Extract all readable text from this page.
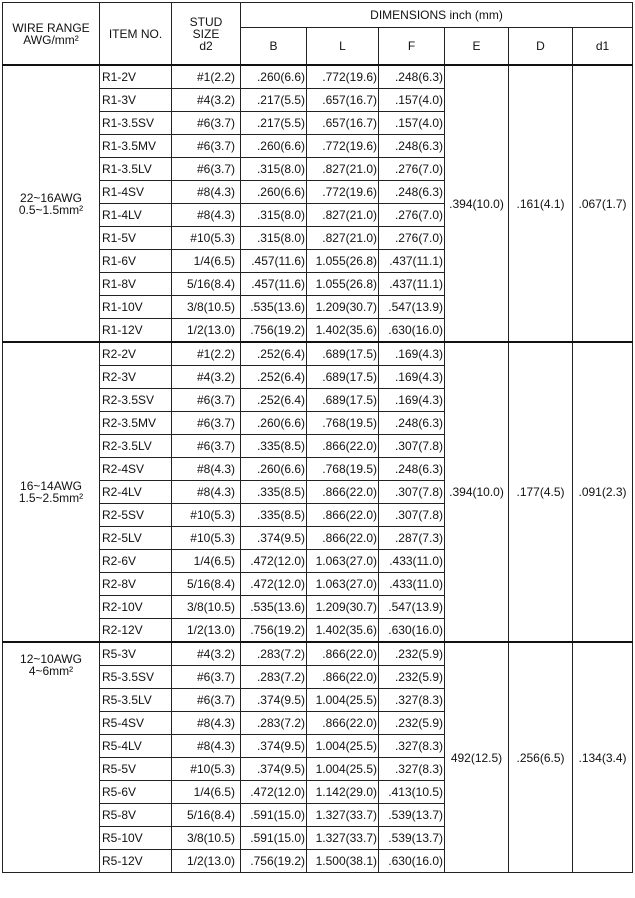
WIRE RANGE
AWG/mm²	ITEM NO.	STUD
SIZE
d2	DIMENSIONS inch (mm)					
			B	L	F	E	D	d1
22~16AWG
0.5~1.5mm²	R1-2V	#1(2.2)	.260(6.6)	.772(19.6)	.248(6.3)	.394(10.0)	.161(4.1)	.067(1.7)
	R1-3V	#4(3.2)	.217(5.5)	.657(16.7)	.157(4.0)			
	R1-3.5SV	#6(3.7)	.217(5.5)	.657(16.7)	.157(4.0)			
	R1-3.5MV	#6(3.7)	.260(6.6)	.772(19.6)	.248(6.3)			
	R1-3.5LV	#6(3.7)	.315(8.0)	.827(21.0)	.276(7.0)			
	R1-4SV	#8(4.3)	.260(6.6)	.772(19.6)	.248(6.3)			
	R1-4LV	#8(4.3)	.315(8.0)	.827(21.0)	.276(7.0)			
	R1-5V	#10(5.3)	.315(8.0)	.827(21.0)	.276(7.0)			
	R1-6V	1/4(6.5)	.457(11.6)	1.055(26.8)	.437(11.1)			
	R1-8V	5/16(8.4)	.457(11.6)	1.055(26.8)	.437(11.1)			
	R1-10V	3/8(10.5)	.535(13.6)	1.209(30.7)	.547(13.9)			
	R1-12V	1/2(13.0)	.756(19.2)	1.402(35.6)	.630(16.0)			
16~14AWG
1.5~2.5mm²	R2-2V	#1(2.2)	.252(6.4)	.689(17.5)	.169(4.3)	.394(10.0)	.177(4.5)	.091(2.3)
	R2-3V	#4(3.2)	.252(6.4)	.689(17.5)	.169(4.3)			
	R2-3.5SV	#6(3.7)	.252(6.4)	.689(17.5)	.169(4.3)			
	R2-3.5MV	#6(3.7)	.260(6.6)	.768(19.5)	.248(6.3)			
	R2-3.5LV	#6(3.7)	.335(8.5)	.866(22.0)	.307(7.8)			
	R2-4SV	#8(4.3)	.260(6.6)	.768(19.5)	.248(6.3)			
	R2-4LV	#8(4.3)	.335(8.5)	.866(22.0)	.307(7.8)			
	R2-5SV	#10(5.3)	.335(8.5)	.866(22.0)	.307(7.8)			
	R2-5LV	#10(5.3)	.374(9.5)	.866(22.0)	.287(7.3)			
	R2-6V	1/4(6.5)	.472(12.0)	1.063(27.0)	.433(11.0)			
	R2-8V	5/16(8.4)	.472(12.0)	1.063(27.0)	.433(11.0)			
	R2-10V	3/8(10.5)	.535(13.6)	1.209(30.7)	.547(13.9)			
	R2-12V	1/2(13.0)	.756(19.2)	1.402(35.6)	.630(16.0)			
12~10AWG
4~6mm²	R5-3V	#4(3.2)	.283(7.2)	.866(22.0)	.232(5.9)	492(12.5)	.256(6.5)	.134(3.4)
	R5-3.5SV	#6(3.7)	.283(7.2)	.866(22.0)	.232(5.9)			
	R5-3.5LV	#6(3.7)	.374(9.5)	1.004(25.5)	.327(8.3)			
	R5-4SV	#8(4.3)	.283(7.2)	.866(22.0)	.232(5.9)			
	R5-4LV	#8(4.3)	.374(9.5)	1.004(25.5)	.327(8.3)			
	R5-5V	#10(5.3)	.374(9.5)	1.004(25.5)	.327(8.3)			
	R5-6V	1/4(6.5)	.472(12.0)	1.142(29.0)	.413(10.5)			
	R5-8V	5/16(8.4)	.591(15.0)	1.327(33.7)	.539(13.7)			
	R5-10V	3/8(10.5)	.591(15.0)	1.327(33.7)	.539(13.7)			
	R5-12V	1/2(13.0)	.756(19.2)	1.500(38.1)	.630(16.0)			
